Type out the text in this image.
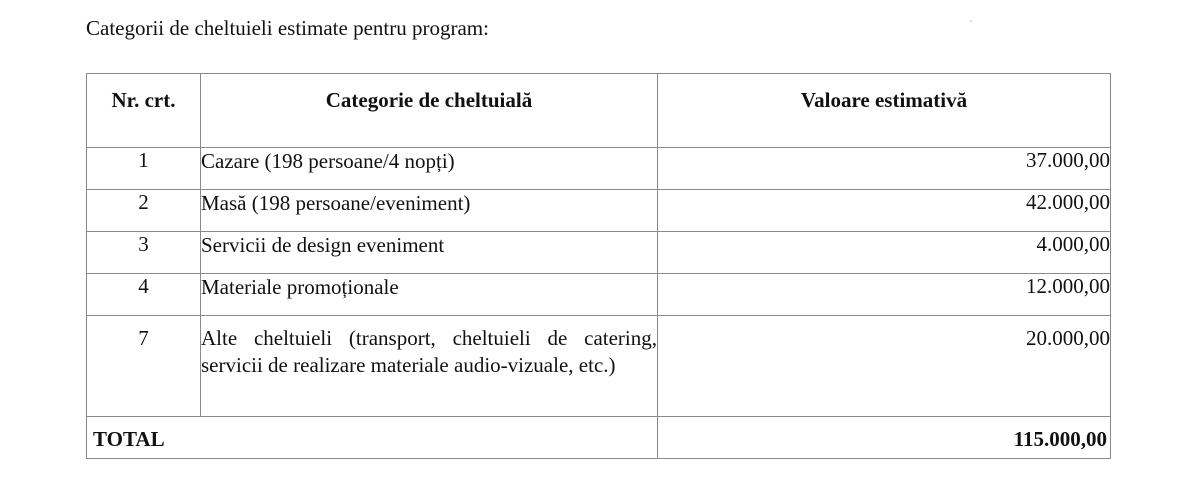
Categorii de cheltuieli estimate pentru program:

Nr. crt.	Categorie de cheltuială	Valoare estimativă
1	Cazare (198 persoane/4 nopți)	37.000,00
2	Masă (198 persoane/eveniment)	42.000,00
3	Servicii de design eveniment	4.000,00
4	Materiale promoționale	12.000,00
7	Alte cheltuieli (transport, cheltuieli de catering, servicii de realizare materiale audio-vizuale, etc.)	20.000,00
TOTAL		115.000,00
